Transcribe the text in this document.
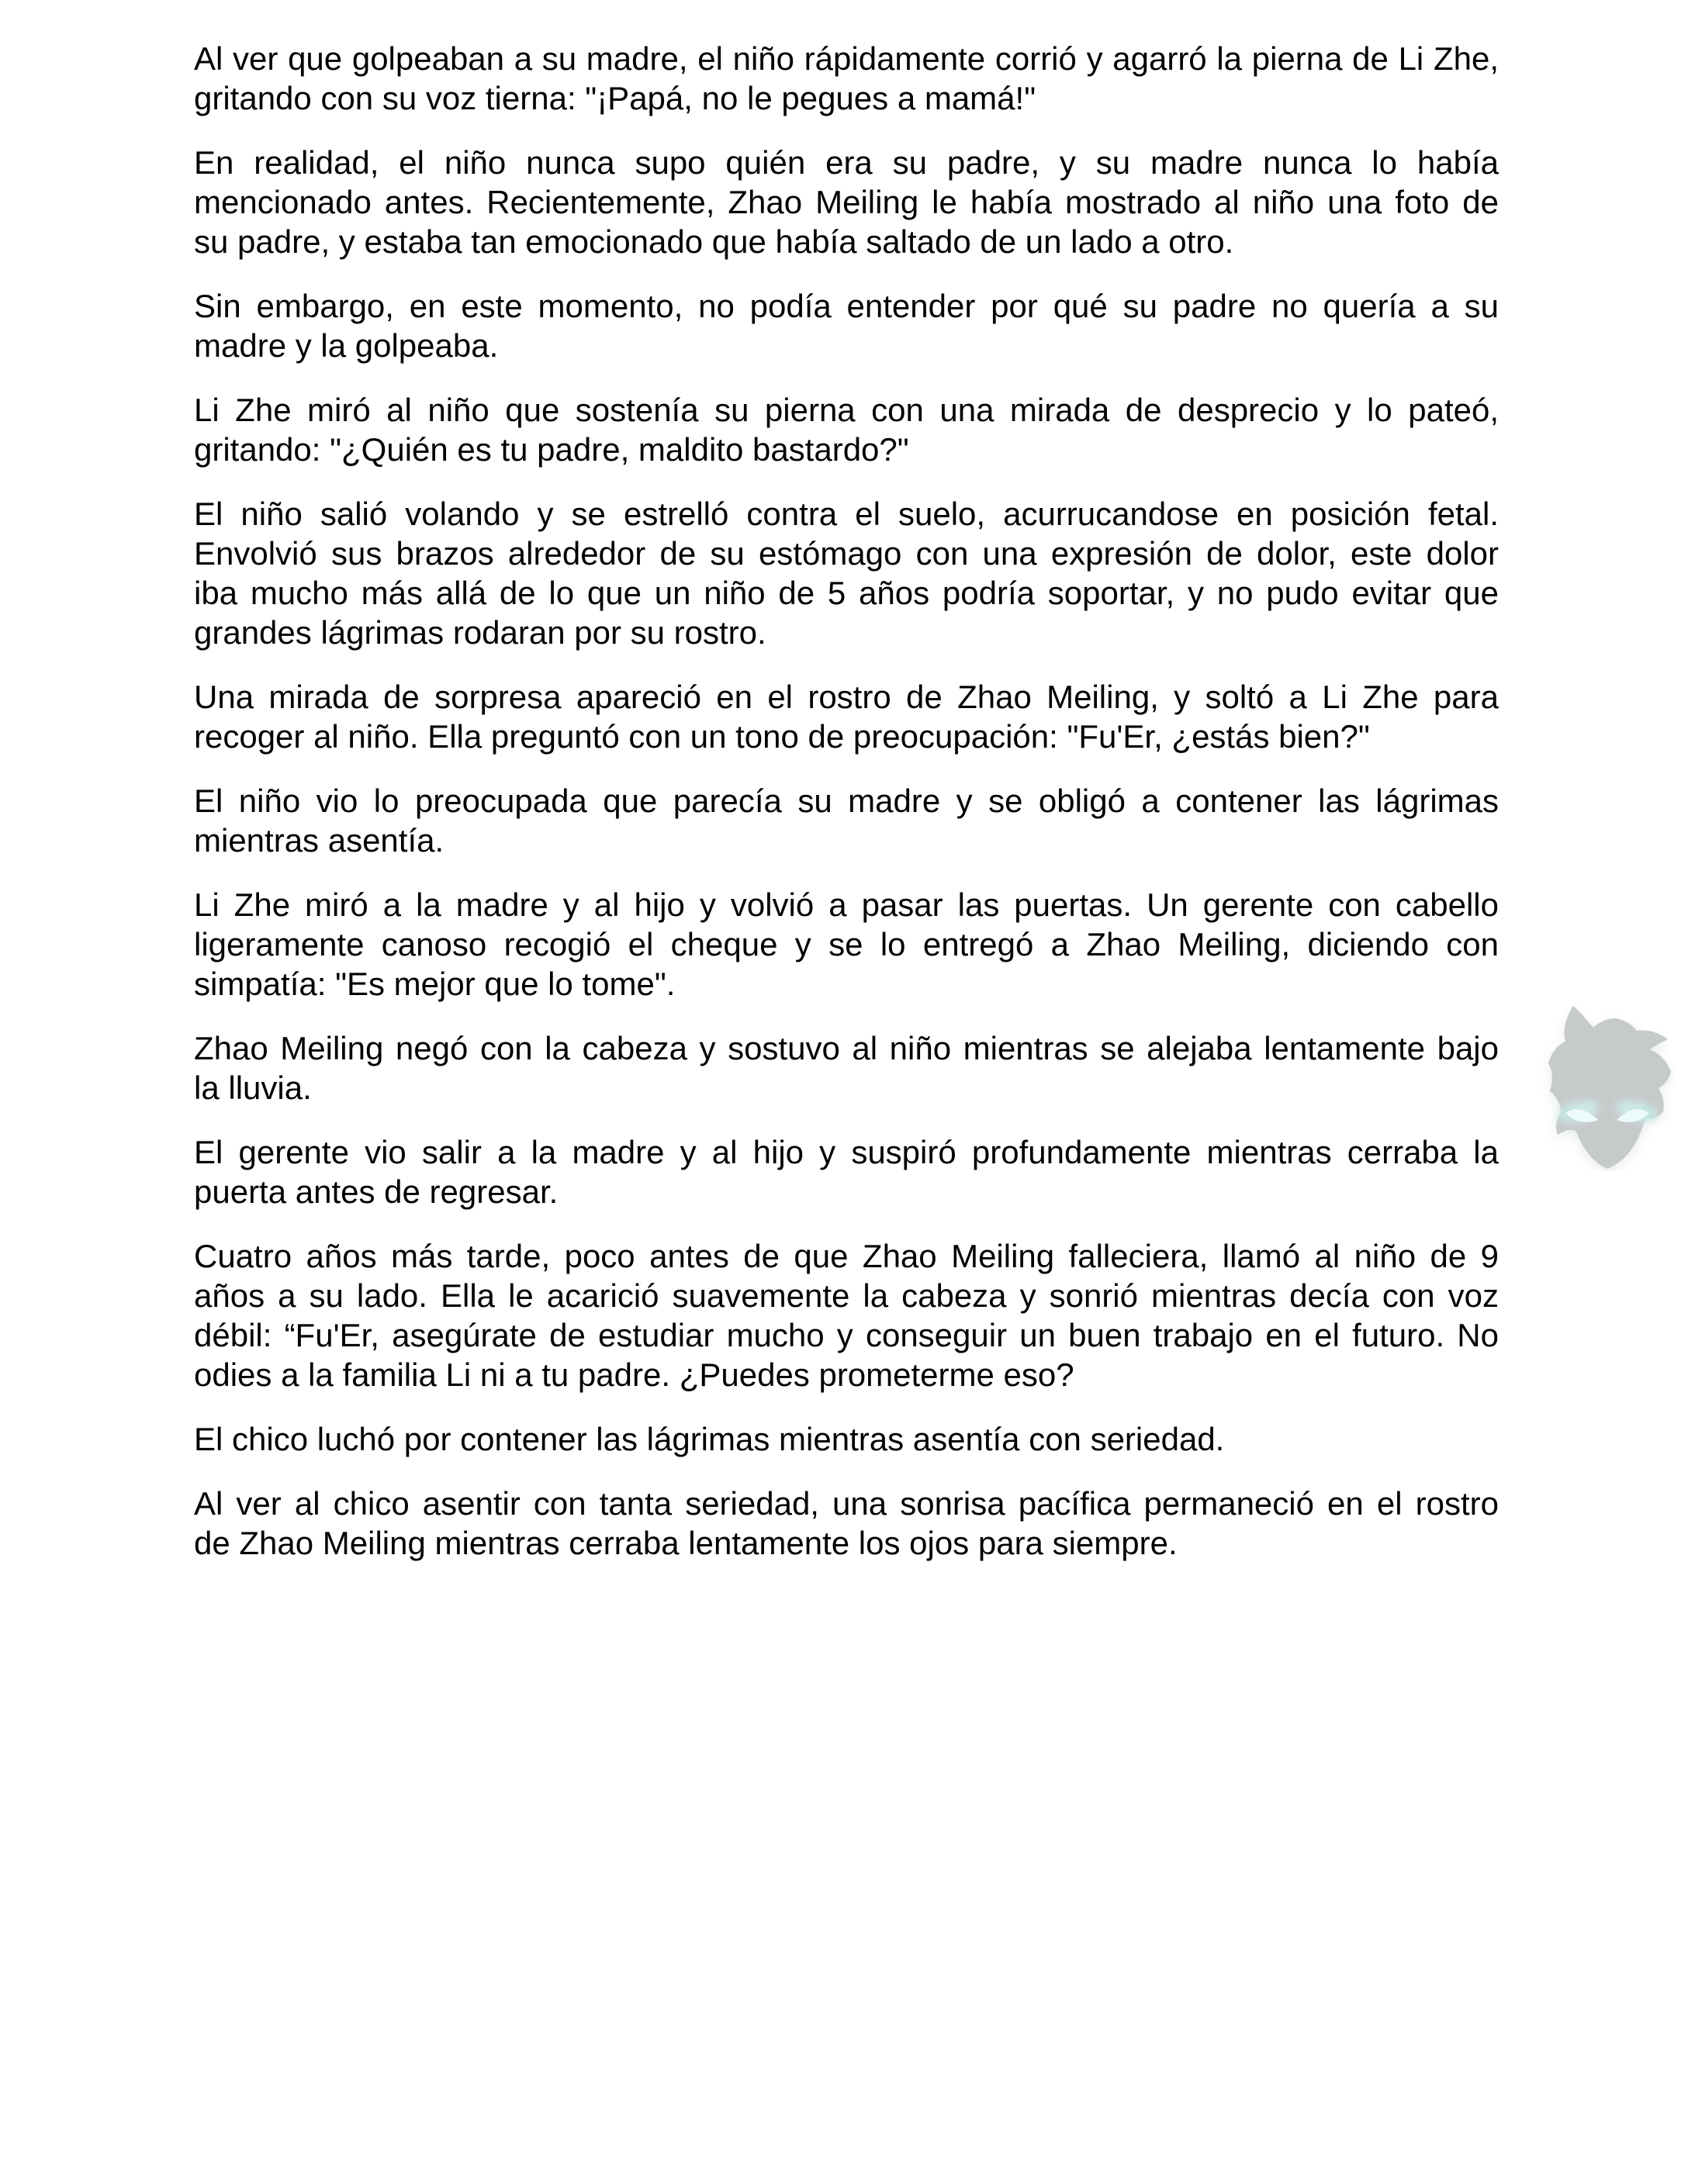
Al ver que golpeaban a su madre, el niño rápidamente corrió y agarró la pierna de Li Zhe,
gritando con su voz tierna: "¡Papá, no le pegues a mamá!"

En realidad, el niño nunca supo quién era su padre, y su madre nunca lo había
mencionado antes. Recientemente, Zhao Meiling le había mostrado al niño una foto de
su padre, y estaba tan emocionado que había saltado de un lado a otro.

Sin embargo, en este momento, no podía entender por qué su padre no quería a su
madre y la golpeaba.

Li Zhe miró al niño que sostenía su pierna con una mirada de desprecio y lo pateó,
gritando: "¿Quién es tu padre, maldito bastardo?"

El niño salió volando y se estrelló contra el suelo, acurrucandose en posición fetal.
Envolvió sus brazos alrededor de su estómago con una expresión de dolor, este dolor
iba mucho más allá de lo que un niño de 5 años podría soportar, y no pudo evitar que
grandes lágrimas rodaran por su rostro.

Una mirada de sorpresa apareció en el rostro de Zhao Meiling, y soltó a Li Zhe para
recoger al niño. Ella preguntó con un tono de preocupación: "Fu'Er, ¿estás bien?"

El niño vio lo preocupada que parecía su madre y se obligó a contener las lágrimas
mientras asentía.

Li Zhe miró a la madre y al hijo y volvió a pasar las puertas. Un gerente con cabello
ligeramente canoso recogió el cheque y se lo entregó a Zhao Meiling, diciendo con
simpatía: "Es mejor que lo tome".

Zhao Meiling negó con la cabeza y sostuvo al niño mientras se alejaba lentamente bajo
la lluvia.

El gerente vio salir a la madre y al hijo y suspiró profundamente mientras cerraba la
puerta antes de regresar.

Cuatro años más tarde, poco antes de que Zhao Meiling falleciera, llamó al niño de 9
años a su lado. Ella le acarició suavemente la cabeza y sonrió mientras decía con voz
débil: “Fu'Er, asegúrate de estudiar mucho y conseguir un buen trabajo en el futuro. No
odies a la familia Li ni a tu padre. ¿Puedes prometerme eso?

El chico luchó por contener las lágrimas mientras asentía con seriedad.

Al ver al chico asentir con tanta seriedad, una sonrisa pacífica permaneció en el rostro
de Zhao Meiling mientras cerraba lentamente los ojos para siempre.
